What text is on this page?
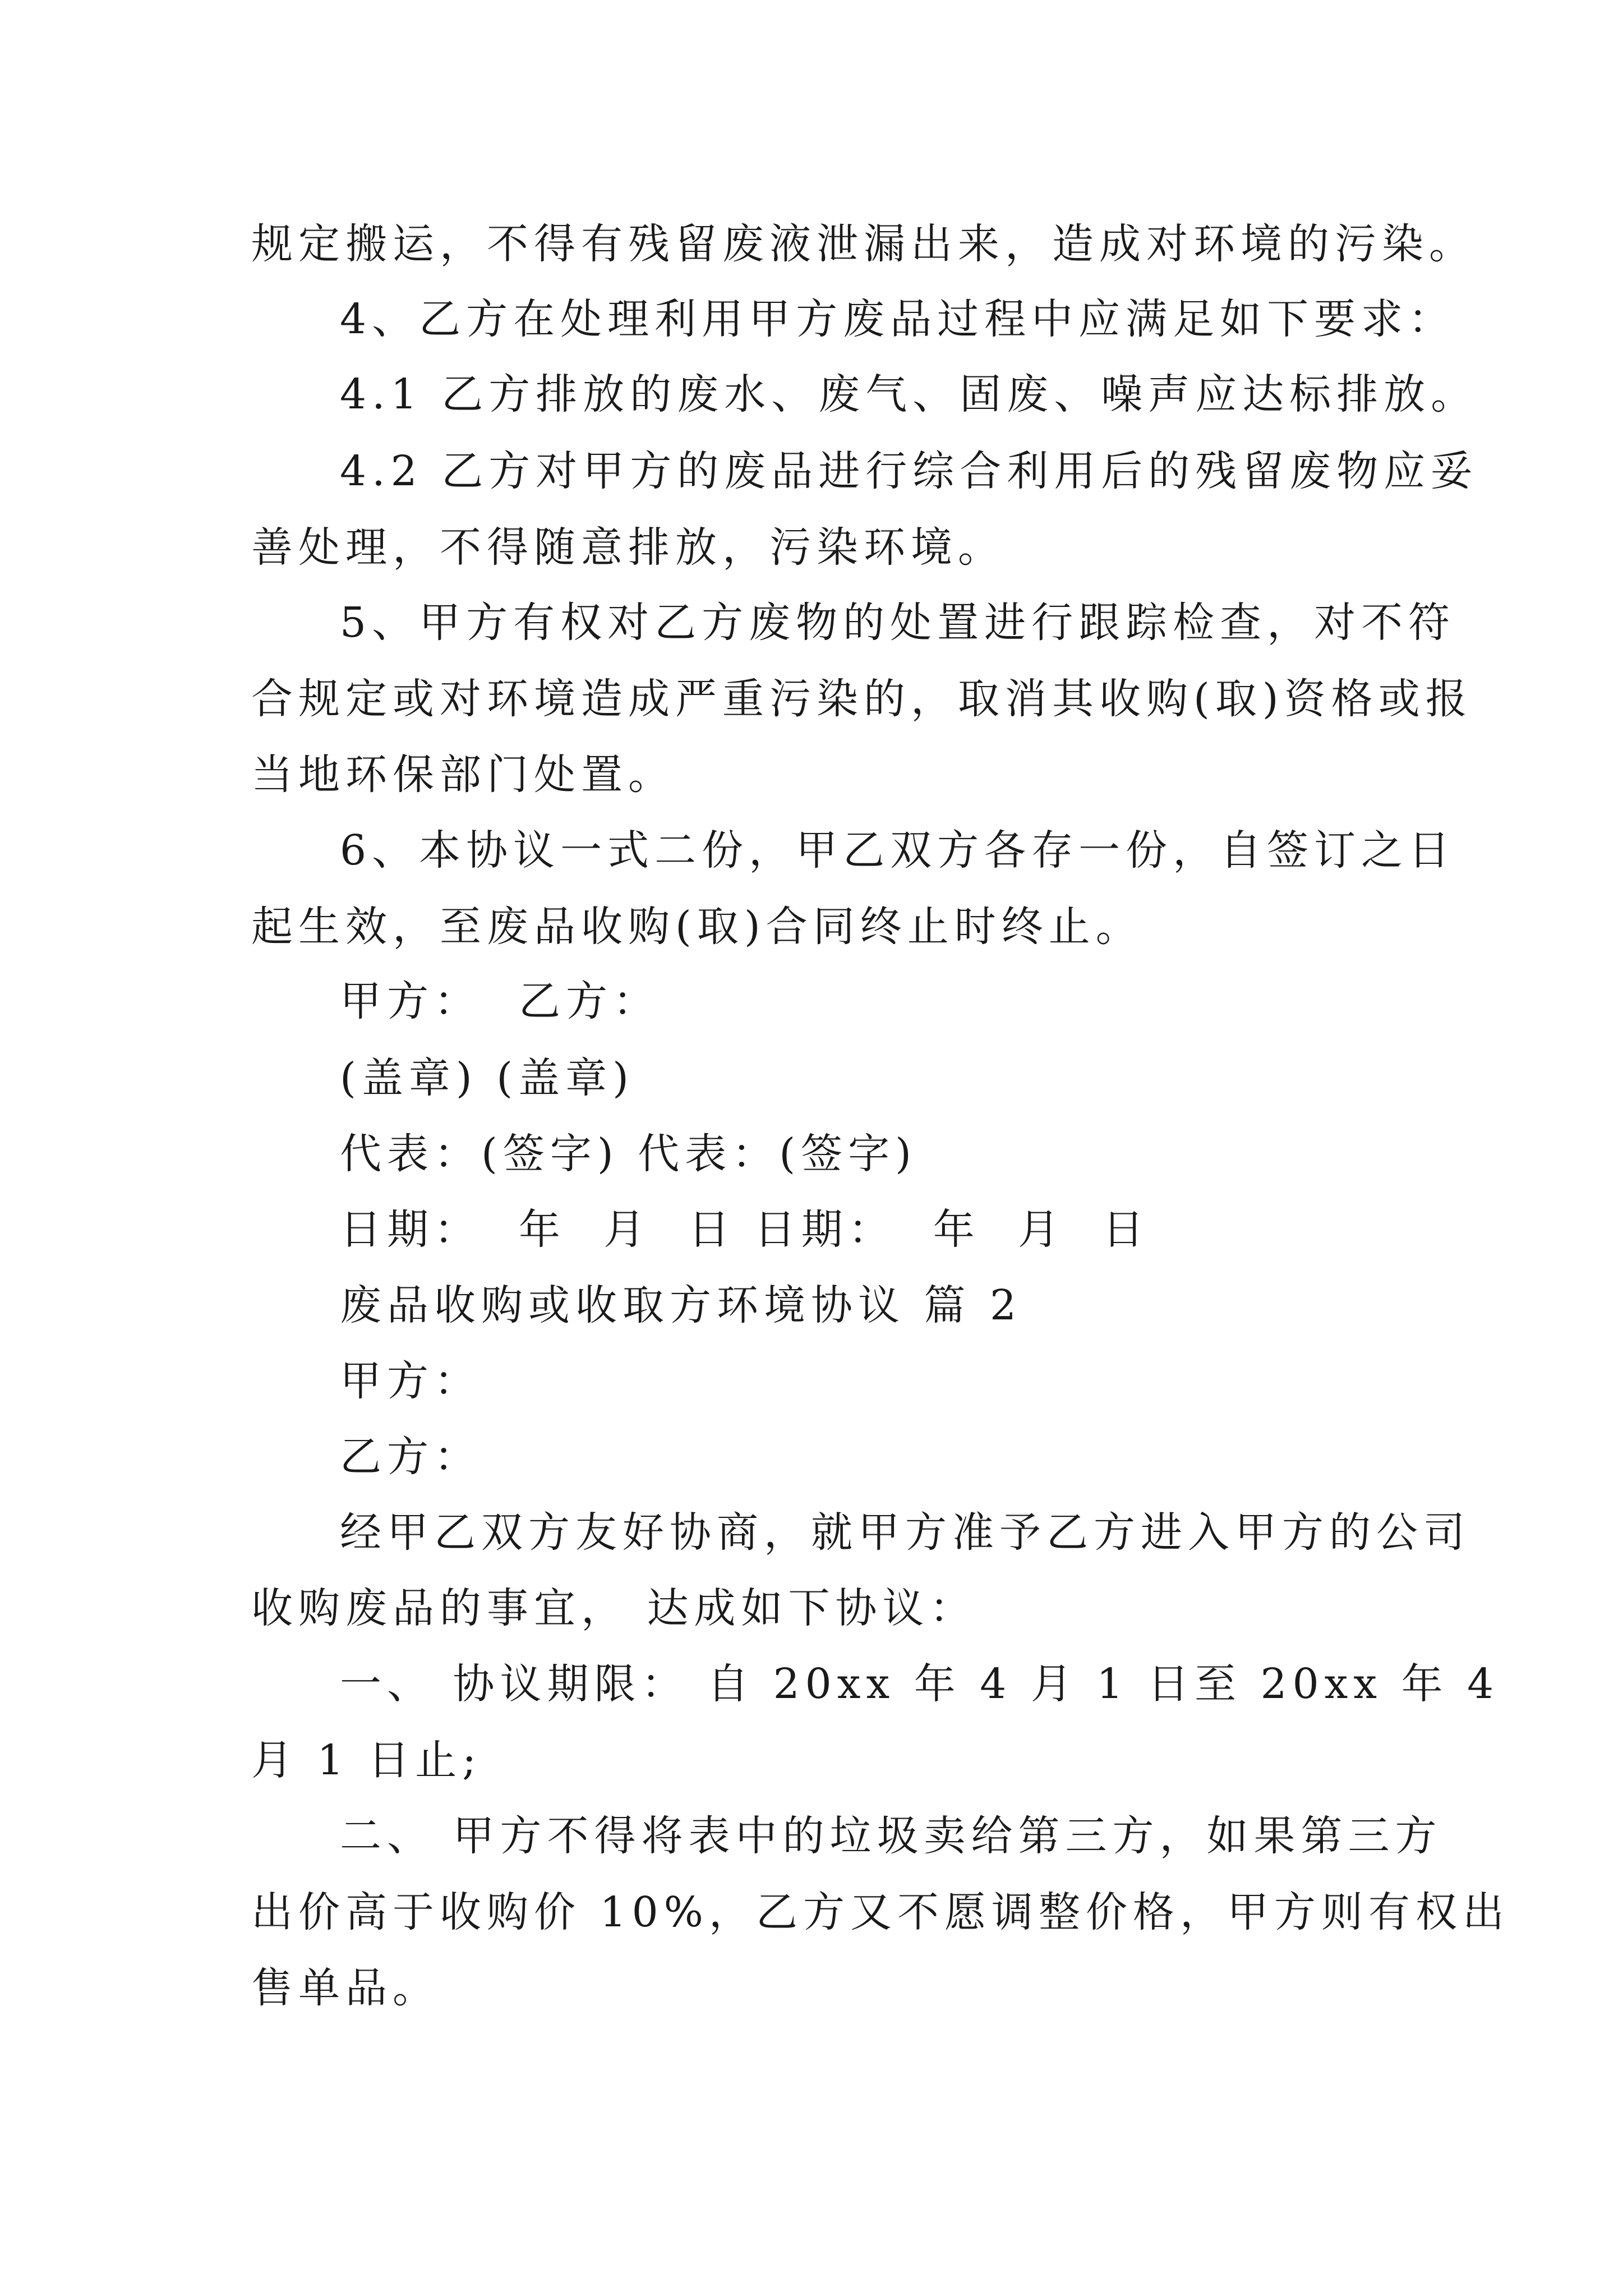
规定搬运，不得有残留废液泄漏出来，造成对环境的污染。
4、乙方在处理利用甲方废品过程中应满足如下要求：
4.1 乙方排放的废水、废气、固废、噪声应达标排放。
4.2 乙方对甲方的废品进行综合利用后的残留废物应妥
善处理，不得随意排放，污染环境。
5、甲方有权对乙方废物的处置进行跟踪检查，对不符
合规定或对环境造成严重污染的，取消其收购(取)资格或报
当地环保部门处置。
6、本协议一式二份，甲乙双方各存一份，自签订之日
起生效，至废品收购(取)合同终止时终止。
甲方：  乙方：
(盖章) (盖章)
代表：(签字) 代表：(签字)
日期：  年  月  日 日期：  年  月  日
废品收购或收取方环境协议 篇 2
甲方：
乙方：
经甲乙双方友好协商，就甲方准予乙方进入甲方的公司
收购废品的事宜， 达成如下协议：
一、 协议期限： 自 20xx 年 4 月 1 日至 20xx 年 4
月 1 日止;
二、 甲方不得将表中的垃圾卖给第三方，如果第三方
出价高于收购价 10%，乙方又不愿调整价格，甲方则有权出
售单品。
